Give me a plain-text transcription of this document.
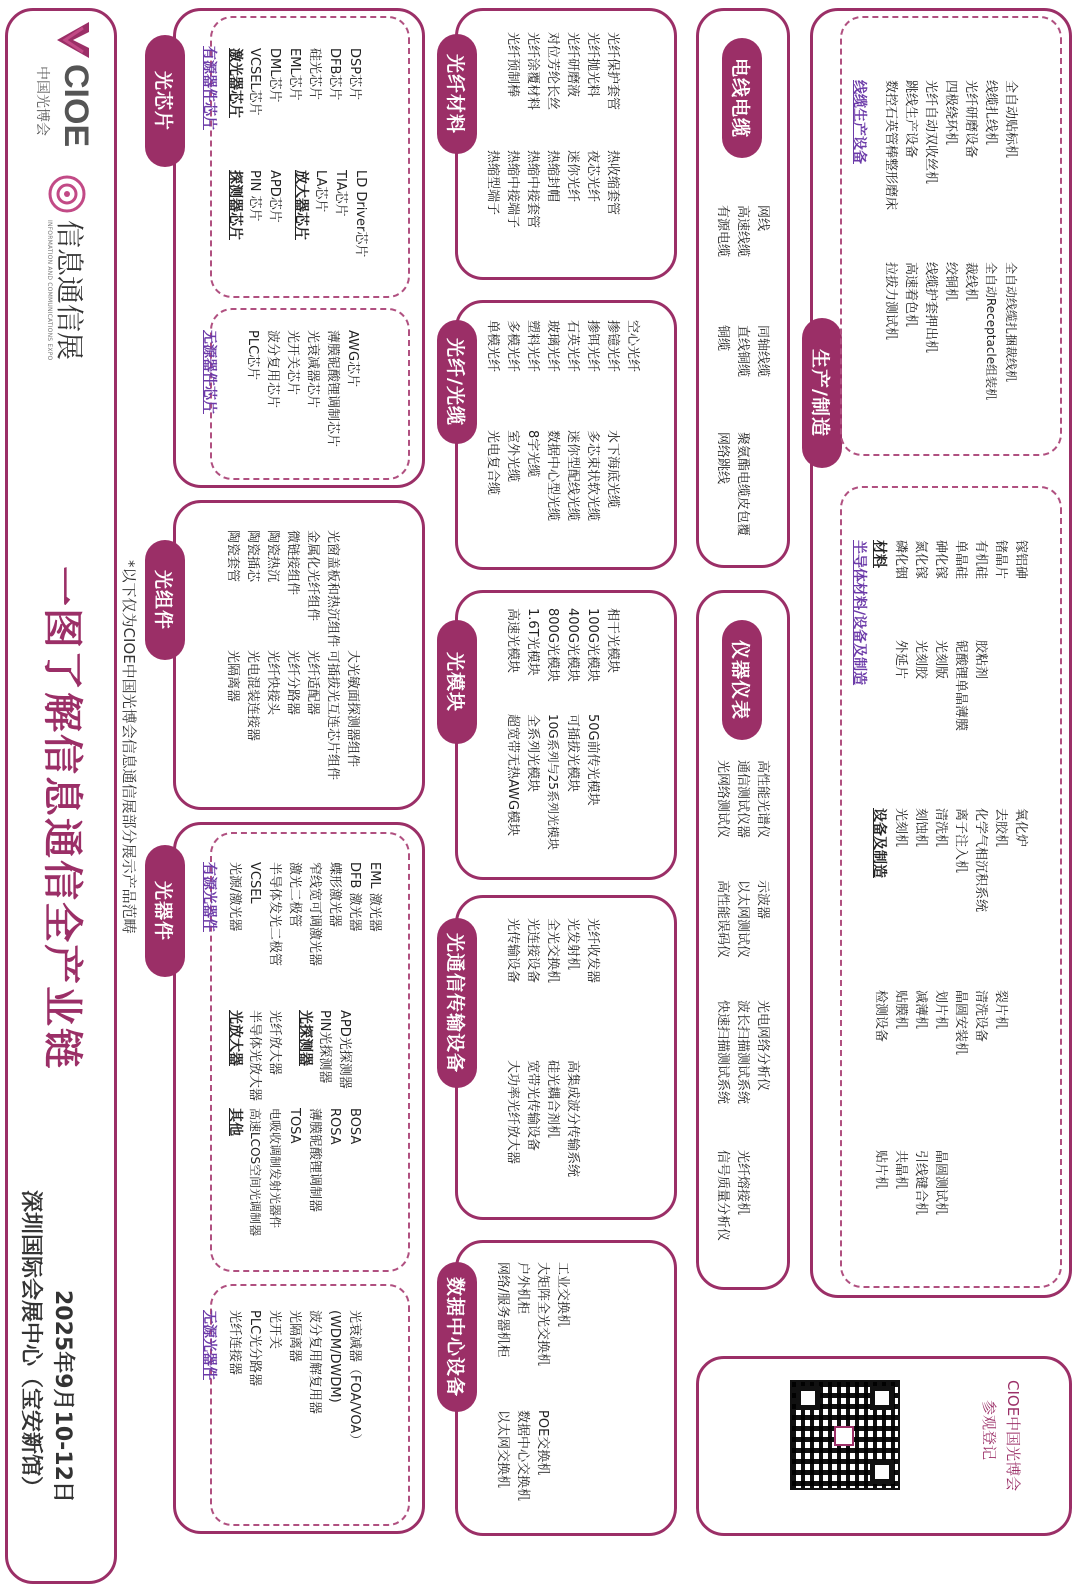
CIOE
中国光博会
信息通信展
INFORMATION AND COMMUNICATIONS EXPO
一图了解信息通信全产业链	*以下仅为CIOE中国光博会信息通信展部分展示产品范畴
2025年9月10-12日
深圳国际会展中心（宝安新馆）
光芯片	有源器件芯片 激光器芯片 VCSEL芯片 DML芯片 EML芯片 硅光芯片 DFB芯片 DSP芯片
探测器芯片 PIN 芯片 APD芯片 放大器芯片 LA芯片 TIA芯片 LD Driver芯片
无源器件芯片 PLC芯片 波分复用芯片 光开关芯片 光衰减器芯片 薄膜铌酸锂调制芯片 AWG芯片
光组件
陶瓷套管 陶瓷插芯 陶瓷热沉 微链接组件 金属化光纤组件 光窗盖板和热沉组件
光隔离器 光电混装连接器 光纤快接头 光纤分路器 光纤适配器 可插拔光互连芯片组件 大光敏面探测器组件
光器件	有源光器件 光源/激光器 VCSEL 半导体发光二极管 激光二极管 窄线宽可调激光器 蝶形激光器 DFB 激光器 EML 激光器
光放大器 半导体光放大器 光纤放大器 光探测器 PIN光探测器 APD光探测器
其他 高速LCOS空间光调制器 电吸收调制发射光器件 TOSA 薄膜铌酸锂调制器 ROSA BOSA
无源光器件 光纤连接器 PLC光分路器 光开关 光隔离器 波分复用解复用器 (WDM/DWDM) 光衰减器（FOA/VOA）
光纤材料	光纤预制棒 光纤涂覆材料 对位芳纶长丝 光纤研磨液 光纤抛光料 光纤保护套管
热缩型端子 热缩中接端子 热缩中接套管 热缩封帽 迷你光纤 夜芯光纤 热收缩套管
光纤/光缆	单模光纤 多模光纤 塑料光纤 玻璃光纤 石英光纤 掺铒光纤 掺镱光纤 空心光纤
光电复合缆 室外光缆 8字光缆 数据中心型光缆 迷你型配线光缆 多芯束状软光缆 水下海底光缆
光模块
高速光模块 1.6T光模块 800G光模块 400G光模块 100G光模块 相干光模块
超宽带无热AWG模块 全系列光模块 10G系列与25系列光模块 可插拔光模块 50G前传光模块
光通信传输设备	光传输设备 光连接设备 全光交换机 光发射机 光纤收发器
大功率光纤放大器 宽带光传输设备 硅光耦合剂机 高集成波分传输系统
数据中心设备	网络/服务器机柜 户外机柜 大矩阵全光交换机 工业交换机
以太网交换机 数据中心交换机 POE交换机
电线电缆
有源电缆 高速线缆 网线
铜缆 直线铜缆 同轴线缆
网络跳线 聚氨酯电缆皮包覆
仪器仪表
光网络测试仪 通信测试仪器 高性能光谱仪
高性能误码仪 以太网测试仪 示波器
快速扫描测试系统 波长扫描测试系统 光电网络分析仪
信号质量分析仪 光纤熔接机
生产/制造
线缆生产设备 数控石英管棒整形磨床 跳线生产设备 光纤自动双收丝机 四极绕环机 光纤研磨设备 线缆扎线机 全自动贴标机
拉拔力测试机 高速着色机 线缆护套押出机 绞铜机 裁线机 全自动Receptacle组装机 全自动线缆扎捆裁线机
半导体材料/设备及制造 材料 磷化铟 氮化镓 砷化镓 单晶硅 有机硅 锗晶片 镓铝砷
外延片 光刻胶 光刻版 铌酸锂单晶薄膜 胶粘剂
设备及制造 光刻机 刻蚀机 清洗机 离子注入机 化学气相沉积系统 去胶机 氧化炉
检测设备 贴膜机 减薄机 划片机 晶圆安装机 清洗设备 裂片机
贴片机 共晶机 引线键合机 晶圆测试机
参观登记 CIOE中国光博会
